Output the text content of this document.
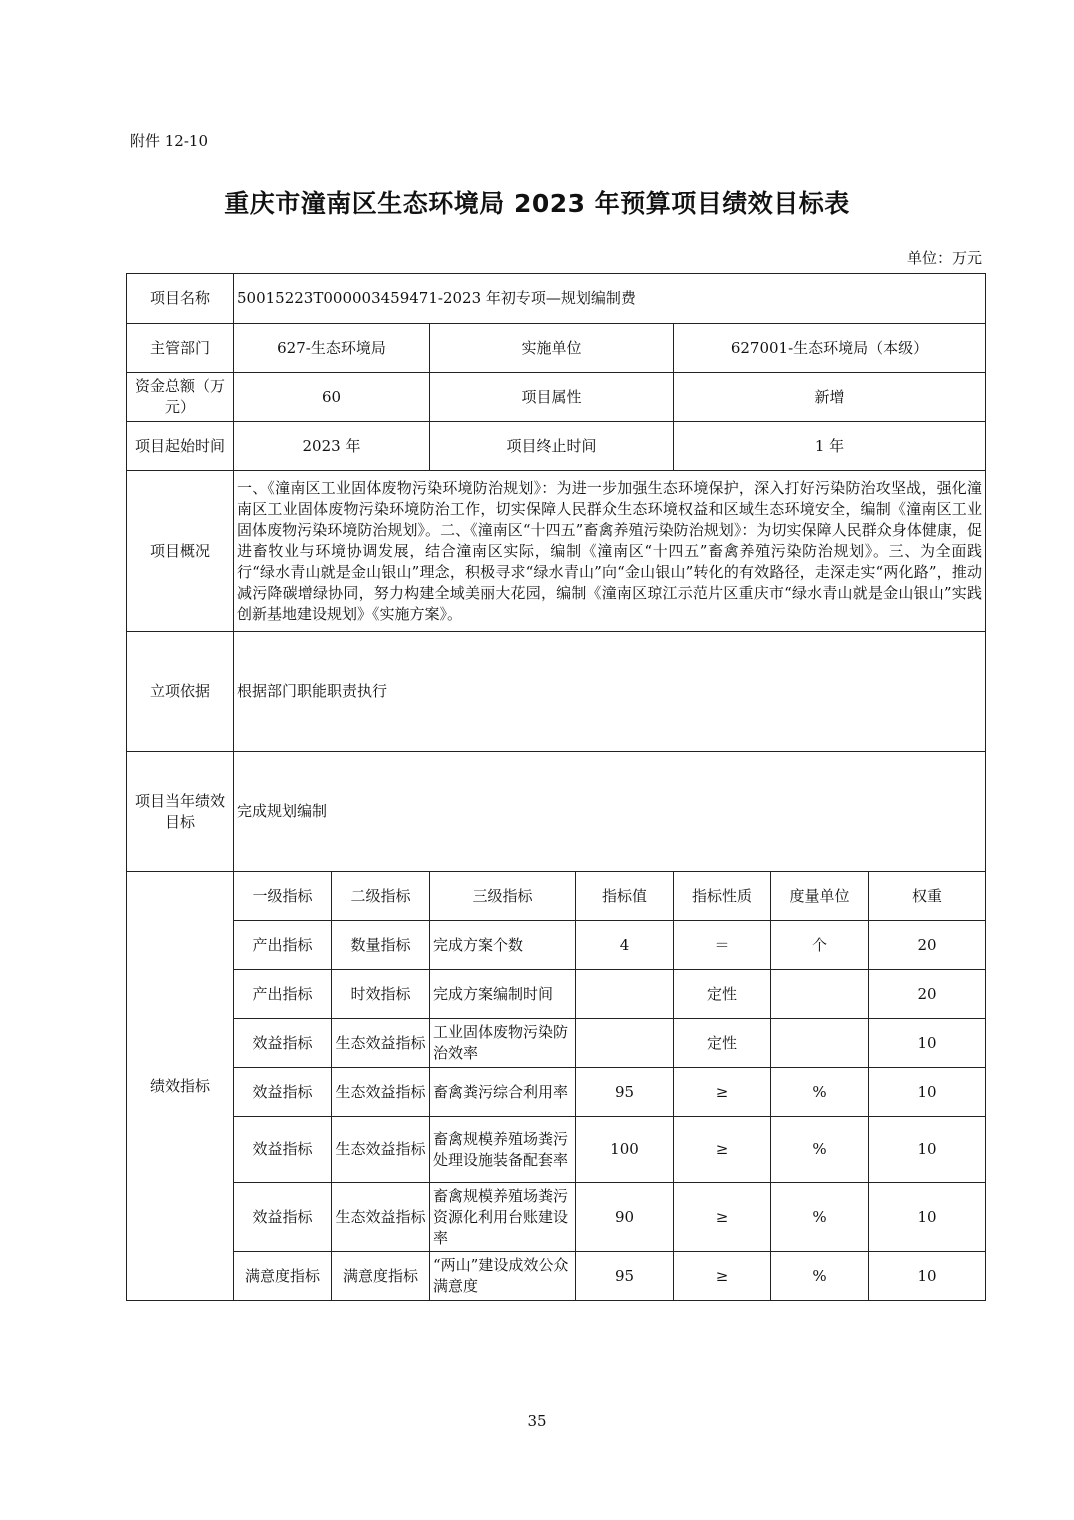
附件 12-10
重庆市潼南区生态环境局 2023 年预算项目绩效目标表
单位：万元
项目名称	50015223T000003459471-2023 年初专项—规划编制费						
主管部门	627-生态环境局		实施单位		627001-生态环境局（本级）		
资金总额（万元）	60		项目属性		新增		
项目起始时间	2023 年		项目终止时间		1 年		
项目概况	一、《潼南区工业固体废物污染环境防治规划》：为进一步加强生态环境保护，深入打好污染防治攻坚战，强化潼南区工业固体废物污染环境防治工作，切实保障人民群众生态环境权益和区域生态环境安全，编制《潼南区工业固体废物污染环境防治规划》。二、《潼南区“十四五”畜禽养殖污染防治规划》：为切实保障人民群众身体健康，促进畜牧业与环境协调发展，结合潼南区实际，编制《潼南区“十四五”畜禽养殖污染防治规划》。三、为全面践行“绿水青山就是金山银山”理念，积极寻求“绿水青山”向“金山银山”转化的有效路径，走深走实“两化路”，推动减污降碳增绿协同，努力构建全域美丽大花园，编制《潼南区琼江示范片区重庆市“绿水青山就是金山银山”实践创新基地建设规划》《实施方案》。						
立项依据	根据部门职能职责执行						
项目当年绩效目标	完成规划编制						
绩效指标	一级指标	二级指标	三级指标	指标值	指标性质	度量单位	权重
	产出指标	数量指标	完成方案个数	4	＝	个	20
	产出指标	时效指标	完成方案编制时间		定性		20
	效益指标	生态效益指标	工业固体废物污染防治效率		定性		10
	效益指标	生态效益指标	畜禽粪污综合利用率	95	≥	%	10
	效益指标	生态效益指标	畜禽规模养殖场粪污处理设施装备配套率	100	≥	%	10
	效益指标	生态效益指标	畜禽规模养殖场粪污资源化利用台账建设率	90	≥	%	10
	满意度指标	满意度指标	“两山”建设成效公众满意度	95	≥	%	10
35
